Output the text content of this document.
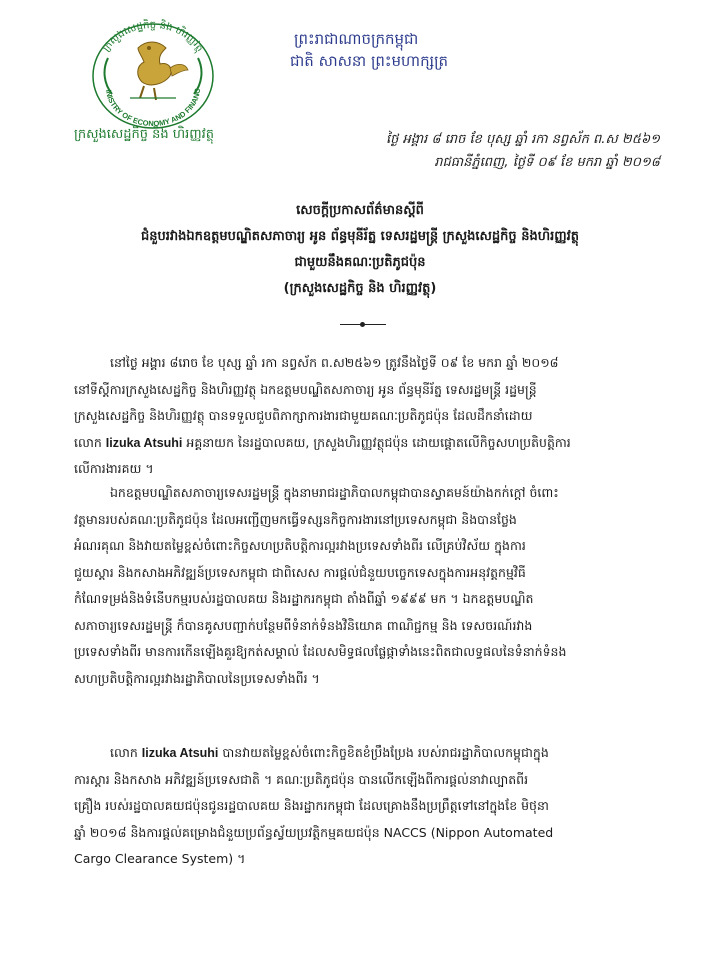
ក្រសួងសេដ្ឋកិច្ច និង ហិរញ្ញវត្ថុ
INISTRY OF ECONOMY AND FINANC
ក្រសួងសេដ្ឋកិច្ច និង ហិរញ្ញវត្ថុ
ព្រះរាជាណាចក្រកម្ពុជា
ជាតិ សាសនា ព្រះមហាក្សត្រ
ថ្ងៃ អង្គារ ៨ រោច ខែ បុស្ស ឆ្នាំ រកា នព្វស័ក ព.ស ២៥៦១
រាជធានីភ្នំពេញ, ថ្ងៃទី ០៩ ខែ មករា ឆ្នាំ ២០១៨
សេចក្តីប្រកាសព័ត៌មានស្តីពី
ជំនួបរវាងឯកឧត្តមបណ្ឌិតសភាចារ្យ អូន ព័ន្ធមុនីរ័ត្ន ទេសរដ្ឋមន្ត្រី ក្រសួងសេដ្ឋកិច្ច និងហិរញ្ញវត្ថុ
ជាមួយនឹងគណៈប្រតិភូជប៉ុន
(ក្រសួងសេដ្ឋកិច្ច និង ហិរញ្ញវត្ថុ)
នៅថ្ងៃ អង្គារ ៨រោច ខែ បុស្ស ឆ្នាំ រកា នព្វស័ក ព.ស២៥៦១ ត្រូវនឹងថ្ងៃទី ០៩ ខែ មករា ឆ្នាំ ២០១៨
នៅទីស្តីការក្រសួងសេដ្ឋកិច្ច និងហិរញ្ញវត្ថុ ឯកឧត្តមបណ្ឌិតសភាចារ្យ អូន ព័ន្ធមុនីរ័ត្ន ទេសរដ្ឋមន្ត្រី រដ្ឋមន្ត្រី
ក្រសួងសេដ្ឋកិច្ច និងហិរញ្ញវត្ថុ បានទទួលជួបពិភាក្សាការងារជាមួយគណៈប្រតិភូជប៉ុន ដែលដឹកនាំដោយ
លោក Iizuka Atsuhi អគ្គនាយក នៃរដ្ឋបាលគយ, ក្រសួងហិរញ្ញវត្ថុជប៉ុន ដោយផ្តោតលើកិច្ចសហប្រតិបត្តិការ
លើការងារគយ ។
ឯកឧត្តមបណ្ឌិតសភាចារ្យទេសរដ្ឋមន្ត្រី ក្នុងនាមរាជរដ្ឋាភិបាលកម្ពុជាបានស្វាគមន៍យ៉ាងកក់ក្តៅ ចំពោះ
វត្តមានរបស់គណៈប្រតិភូជប៉ុន ដែលអញ្ជើញមកធ្វើទស្សនកិច្ចការងារនៅប្រទេសកម្ពុជា និងបានថ្លែង
អំណរគុណ និងវាយតម្លៃខ្ពស់ចំពោះកិច្ចសហប្រតិបត្តិការល្អរវាងប្រទេសទាំងពីរ លើគ្រប់វិស័យ ក្នុងការ
ជួយស្តារ និងកសាងអភិវឌ្ឍន៍ប្រទេសកម្ពុជា ជាពិសេស ការផ្តល់ជំនួយបច្ចេកទេសក្នុងការអនុវត្តកម្មវិធី
កំណែទម្រង់និងទំនើបកម្មរបស់រដ្ឋបាលគយ និងរដ្ឋាករកម្ពុជា តាំងពីឆ្នាំ ១៩៩៩ មក ។ ឯកឧត្តមបណ្ឌិត
សភាចារ្យទេសរដ្ឋមន្ត្រី ក៏បានគូសបញ្ជាក់បន្ថែមពីទំនាក់ទំនងវិនិយោគ ពាណិជ្ជកម្ម និង ទេសចរណ៍រវាង
ប្រទេសទាំងពីរ មានការកើនឡើងគួរឱ្យកត់សម្គាល់ ដែលសមិទ្ធផលផ្លែផ្កាទាំងនេះពិតជាលទ្ធផលនៃទំនាក់ទំនង
សហប្រតិបត្តិការល្អរវាងរដ្ឋាភិបាលនៃប្រទេសទាំងពីរ ។
លោក Iizuka Atsuhi បានវាយតម្លៃខ្ពស់ចំពោះកិច្ចខិតខំប្រឹងប្រែង របស់រាជរដ្ឋាភិបាលកម្ពុជាក្នុង
ការស្តារ និងកសាង អភិវឌ្ឍន៍ប្រទេសជាតិ ។ គណៈប្រតិភូជប៉ុន បានលើកឡើងពីការផ្តល់នាវាល្បាតពីរ
គ្រឿង របស់រដ្ឋបាលគយជប៉ុនជូនរដ្ឋបាលគយ និងរដ្ឋាករកម្ពុជា ដែលគ្រោងនឹងប្រព្រឹត្តទៅនៅក្នុងខែ មិថុនា
ឆ្នាំ ២០១៨ និងការផ្តល់គម្រោងជំនួយប្រព័ន្ធស្វ័យប្រវត្តិកម្មគយជប៉ុន NACCS (Nippon Automated
Cargo Clearance System) ។
